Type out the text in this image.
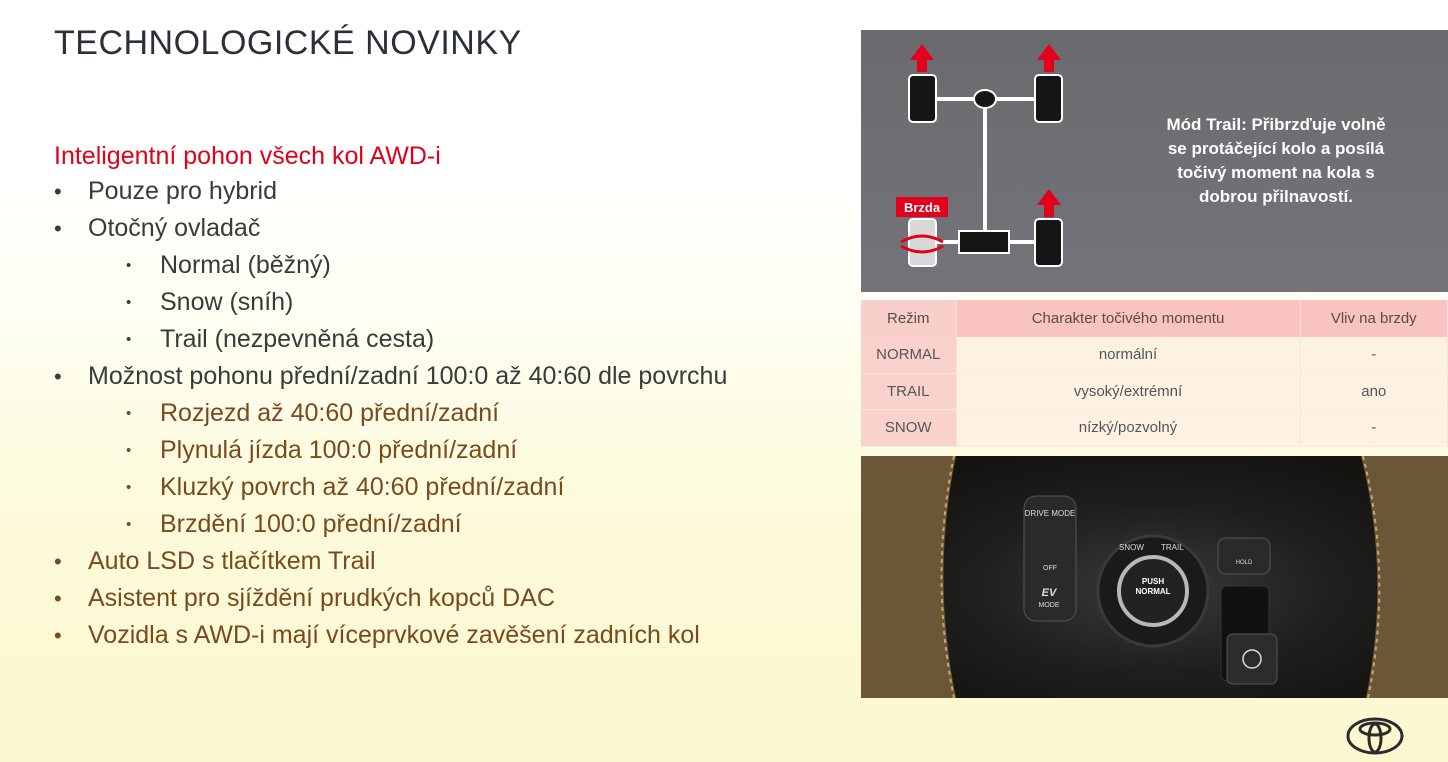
TECHNOLOGICKÉ NOVINKY
Inteligentní pohon všech kol AWD-i
• Pouze pro hybrid
• Otočný ovladač
• Normal (běžný)
• Snow (sníh)
• Trail (nezpevněná cesta)
• Možnost pohonu přední/zadní 100:0 až 40:60 dle povrchu
• Rozjezd až 40:60 přední/zadní
• Plynulá jízda 100:0 přední/zadní
• Kluzký povrch až 40:60 přední/zadní
• Brzdění 100:0 přední/zadní
• Auto LSD s tlačítkem Trail
• Asistent pro sjíždění prudkých kopců DAC
• Vozidla s AWD-i mají víceprvkové zavěšení zadních kol
Brzda
Mód Trail: Přibrzďuje volně se protáčející kolo a posílá točivý moment na kola s dobrou přilnavostí.
Režim	Charakter točivého momentu	Vliv na brzdy
NORMAL	normální	-
TRAIL	vysoký/extrémní	ano
SNOW	nízký/pozvolný	-
DRIVE MODE
OFF
EV
MODE
SNOW TRAIL
PUSH
NORMAL
HOLD
